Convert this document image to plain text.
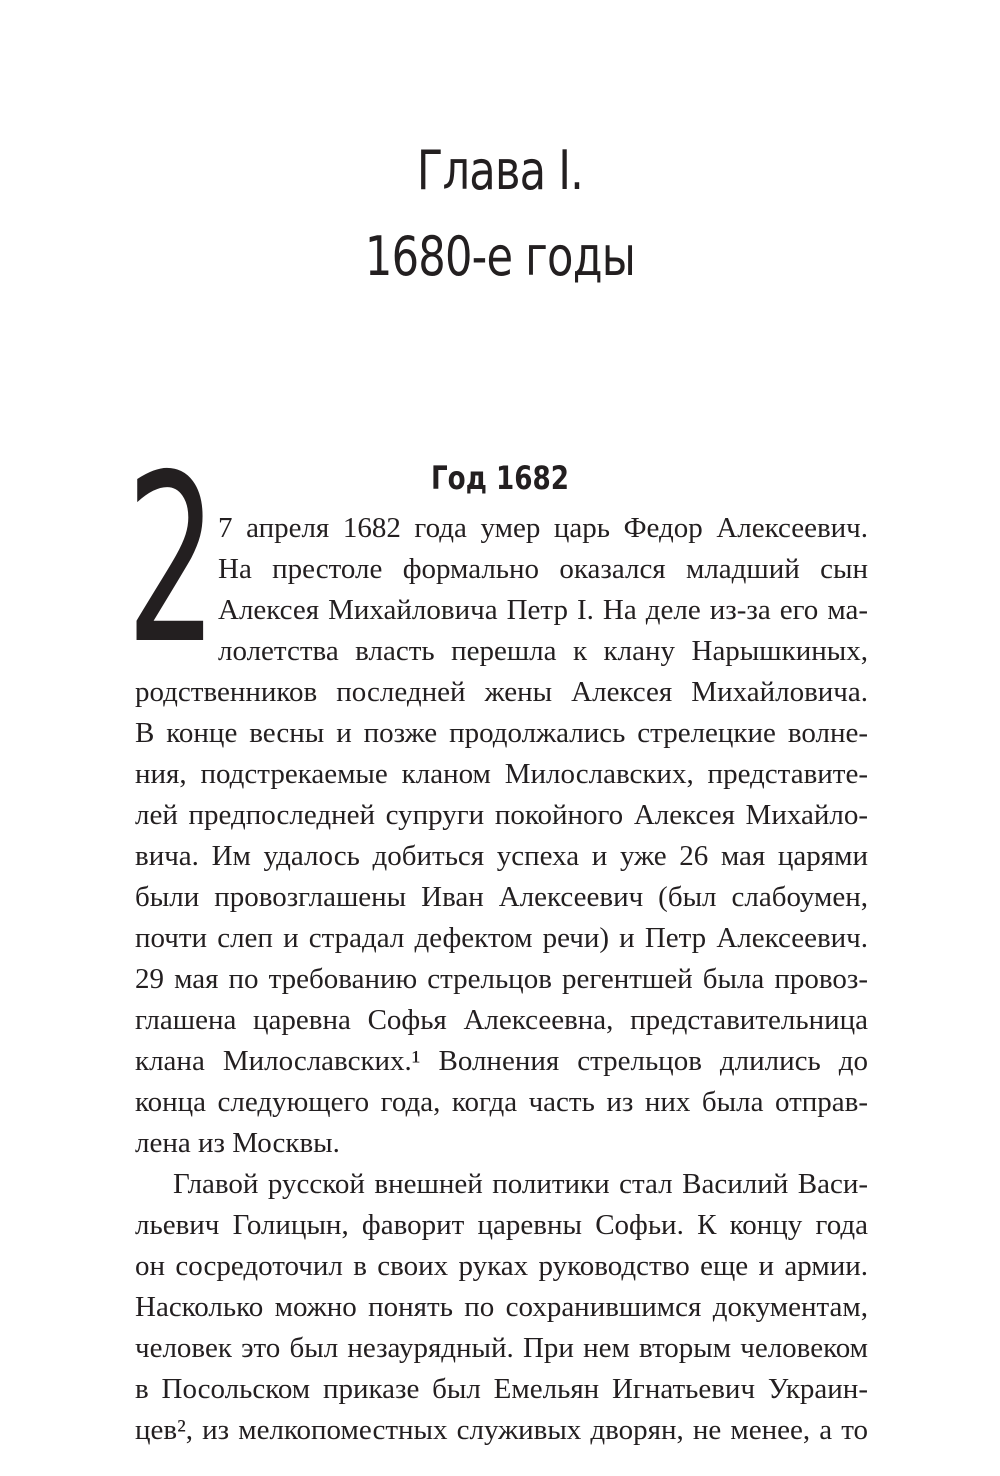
Глава I.
1680-е годы
Год 1682
2 7 апреля 1682 года умер царь Федор Алексеевич.
На престоле формально оказался младший сын
Алексея Михайловича Петр I. На деле из-за его ма-
лолетства власть перешла к клану Нарышкиных,
родственников последней жены Алексея Михайловича.
В конце весны и позже продолжались стрелецкие волне-
ния, подстрекаемые кланом Милославских, представите-
лей предпоследней супруги покойного Алексея Михайло-
вича. Им удалось добиться успеха и уже 26 мая царями
были провозглашены Иван Алексеевич (был слабоумен,
почти слеп и страдал дефектом речи) и Петр Алексеевич.
29 мая по требованию стрельцов регентшей была провоз-
глашена царевна Софья Алексеевна, представительница
клана Милославских.¹ Волнения стрельцов длились до
конца следующего года, когда часть из них была отправ-
лена из Москвы.
Главой русской внешней политики стал Василий Васи-
льевич Голицын, фаворит царевны Софьи. К концу года
он сосредоточил в своих руках руководство еще и армии.
Насколько можно понять по сохранившимся документам,
человек это был незаурядный. При нем вторым человеком
в Посольском приказе был Емельян Игнатьевич Украин-
цев², из мелкопоместных служивых дворян, не менее, а то
